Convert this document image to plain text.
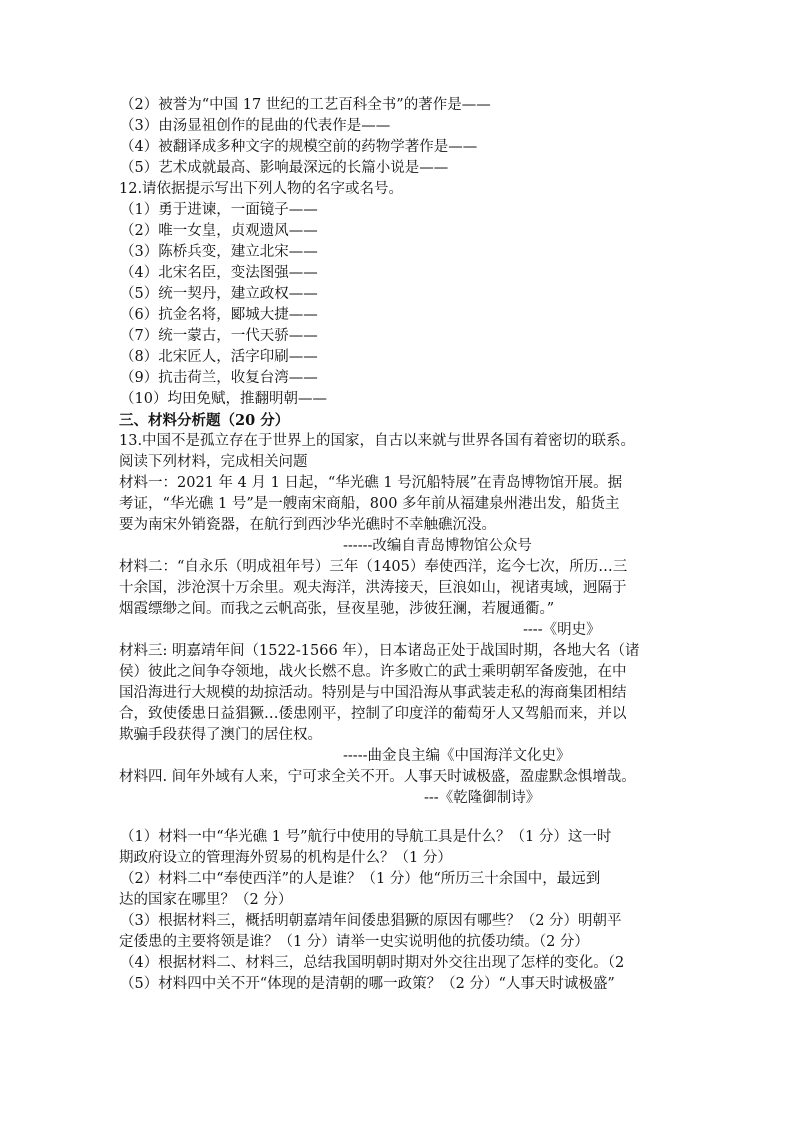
（2）被誉为“中国 17 世纪的工艺百科全书”的著作是——
（3）由汤显祖创作的昆曲的代表作是——
（4）被翻译成多种文字的规模空前的药物学著作是——
（5）艺术成就最高、影响最深远的长篇小说是——
12.请依据提示写出下列人物的名字或名号。
（1）勇于进谏，一面镜子——
（2）唯一女皇，贞观遗风——
（3）陈桥兵变，建立北宋——
（4）北宋名臣，变法图强——
（5）统一契丹，建立政权——
（6）抗金名将，郾城大捷——
（7）统一蒙古，一代天骄——
（8）北宋匠人，活字印刷——
（9）抗击荷兰，收复台湾——
（10）均田免赋，推翻明朝——
三、材料分析题（20 分）
13.中国不是孤立存在于世界上的国家，自古以来就与世界各国有着密切的联系。
阅读下列材料，完成相关问题
材料一：2021 年 4 月 1 日起，“华光礁 1 号沉船特展”在青岛博物馆开展。据
考证，“华光礁 1 号”是一艘南宋商船，800 多年前从福建泉州港出发，船货主
要为南宋外销瓷器，在航行到西沙华光礁时不幸触礁沉没。
------改编自青岛博物馆公众号
材料二：“自永乐（明成祖年号）三年（1405）奉使西洋，迄今七次，所历…三
十余国，涉沧溟十万余里。观夫海洋，洪涛接天，巨浪如山，视诸夷域，迥隔于
烟霞缥缈之间。而我之云帆高张，昼夜星驰，涉彼狂澜，若履通衢。”
----《明史》
材料三: 明嘉靖年间（1522-1566 年），日本诸岛正处于战国时期，各地大名（诸
侯）彼此之间争夺领地，战火长燃不息。许多败亡的武士乘明朝军备废弛，在中
国沿海进行大规模的劫掠活动。特别是与中国沿海从事武装走私的海商集团相结
合，致使倭患日益猖獗…倭患刚平，控制了印度洋的葡萄牙人又驾船而来，并以
欺骗手段获得了澳门的居住权。
-----曲金良主编《中国海洋文化史》
材料四. 间年外域有人来，宁可求全关不开。人事天时诚极盛，盈虚默念惧增哉。
---《乾隆御制诗》
（1）材料一中“华光礁 1 号”航行中使用的导航工具是什么？（1 分）这一时
期政府设立的管理海外贸易的机构是什么？（1 分）
（2）材料二中“奉使西洋”的人是谁？（1 分）他“所历三十余国中，最远到
达的国家在哪里？（2 分）
（3）根据材料三，概括明朝嘉靖年间倭患猖獗的原因有哪些？（2 分）明朝平
定倭患的主要将领是谁？（1 分）请举一史实说明他的抗倭功绩。（2 分）
（4）根据材料二、材料三，总结我国明朝时期对外交往出现了怎样的变化。（2
（5）材料四中关不开“体现的是清朝的哪一政策？（2 分）“人事天时诚极盛”
